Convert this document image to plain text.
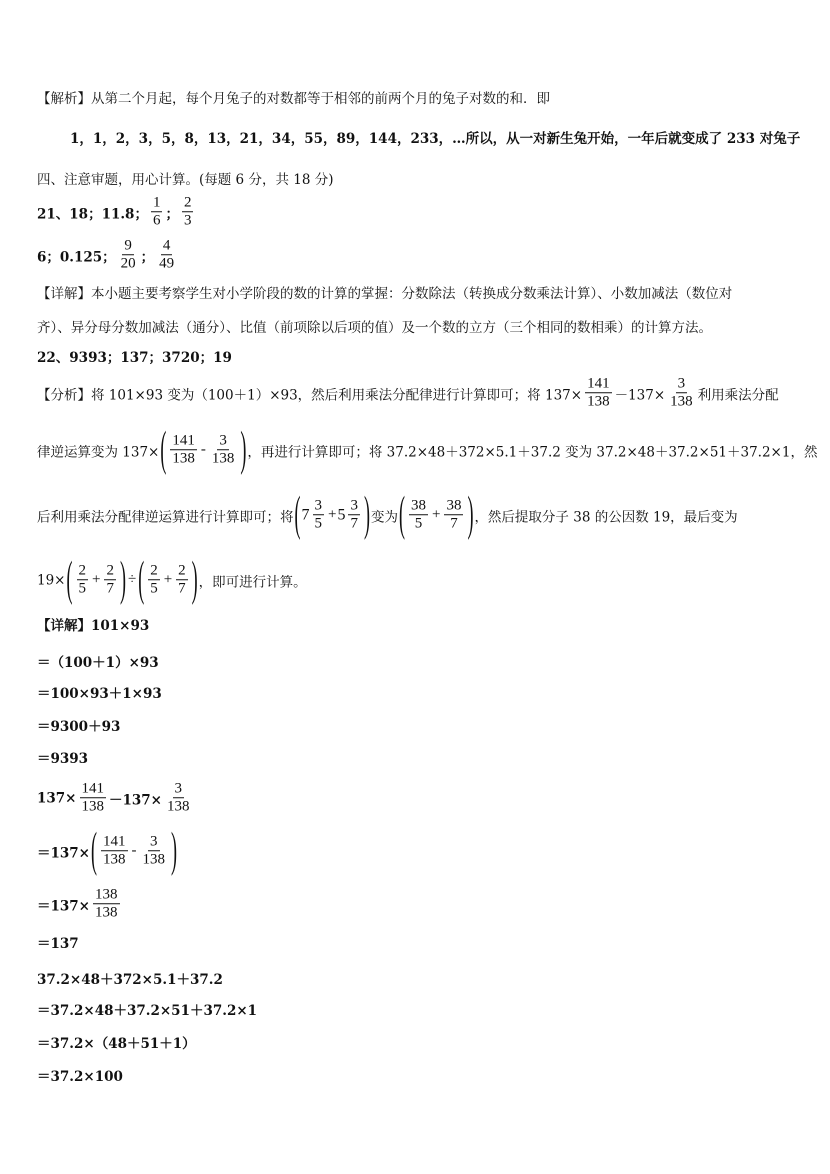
【解析】从第二个月起，每个月兔子的对数都等于相邻的前两个月的兔子对数的和．即
1，1，2，3，5，8，13，21，34，55，89，144，233，…所以，从一对新生兔开始，一年后就变成了 233 对兔子
四、注意审题，用心计算。(每题 6 分，共 18 分)
21、18；11.8； $\frac{1}{6}$ ； $\frac{2}{3}$
6；0.125； $\frac{9}{20}$ ； $\frac{4}{49}$
【详解】本小题主要考察学生对小学阶段的数的计算的掌握：分数除法（转换成分数乘法计算）、小数加减法（数位对
齐）、异分母分数加减法（通分）、比值（前项除以后项的值）及一个数的立方（三个相同的数相乘）的计算方法。
22、9393；137；3720；19
【分析】将 101×93 变为（100＋1）×93，然后利用乘法分配律进行计算即可；将 $137\times \frac{141}{138} -137\times \frac{3}{138}$ 利用乘法分配
律逆运算变为 137× ( $\frac{141}{138} - \frac{3}{138}$ ) ，再进行计算即可；将 37.2×48＋372×5.1＋37.2 变为 37.2×48＋37.2×51＋37.2×1，然
后利用乘法分配律逆运算进行计算即可；将 ( $7 \frac{3}{5} + 5 \frac{3}{7}$ ) 变为 ( $\frac{38}{5} + \frac{38}{7}$ ) ，然后提取分子 38 的公因数 19，最后变为
19× ( $\frac{2}{5} + \frac{2}{7}$ ) ÷ ( $\frac{2}{5} + \frac{2}{7}$ ) ，即可进行计算。
【详解】101×93
＝（100＋1）×93
＝100×93＋1×93
＝9300＋93
＝9393
$137\times \frac{141}{138} -137\times \frac{3}{138}$
＝137× ( $\frac{141}{138} - \frac{3}{138}$ )
$=137\times \frac{138}{138}$
＝137
37.2×48＋372×5.1＋37.2
＝37.2×48＋37.2×51＋37.2×1
＝37.2×（48＋51＋1）
＝37.2×100
